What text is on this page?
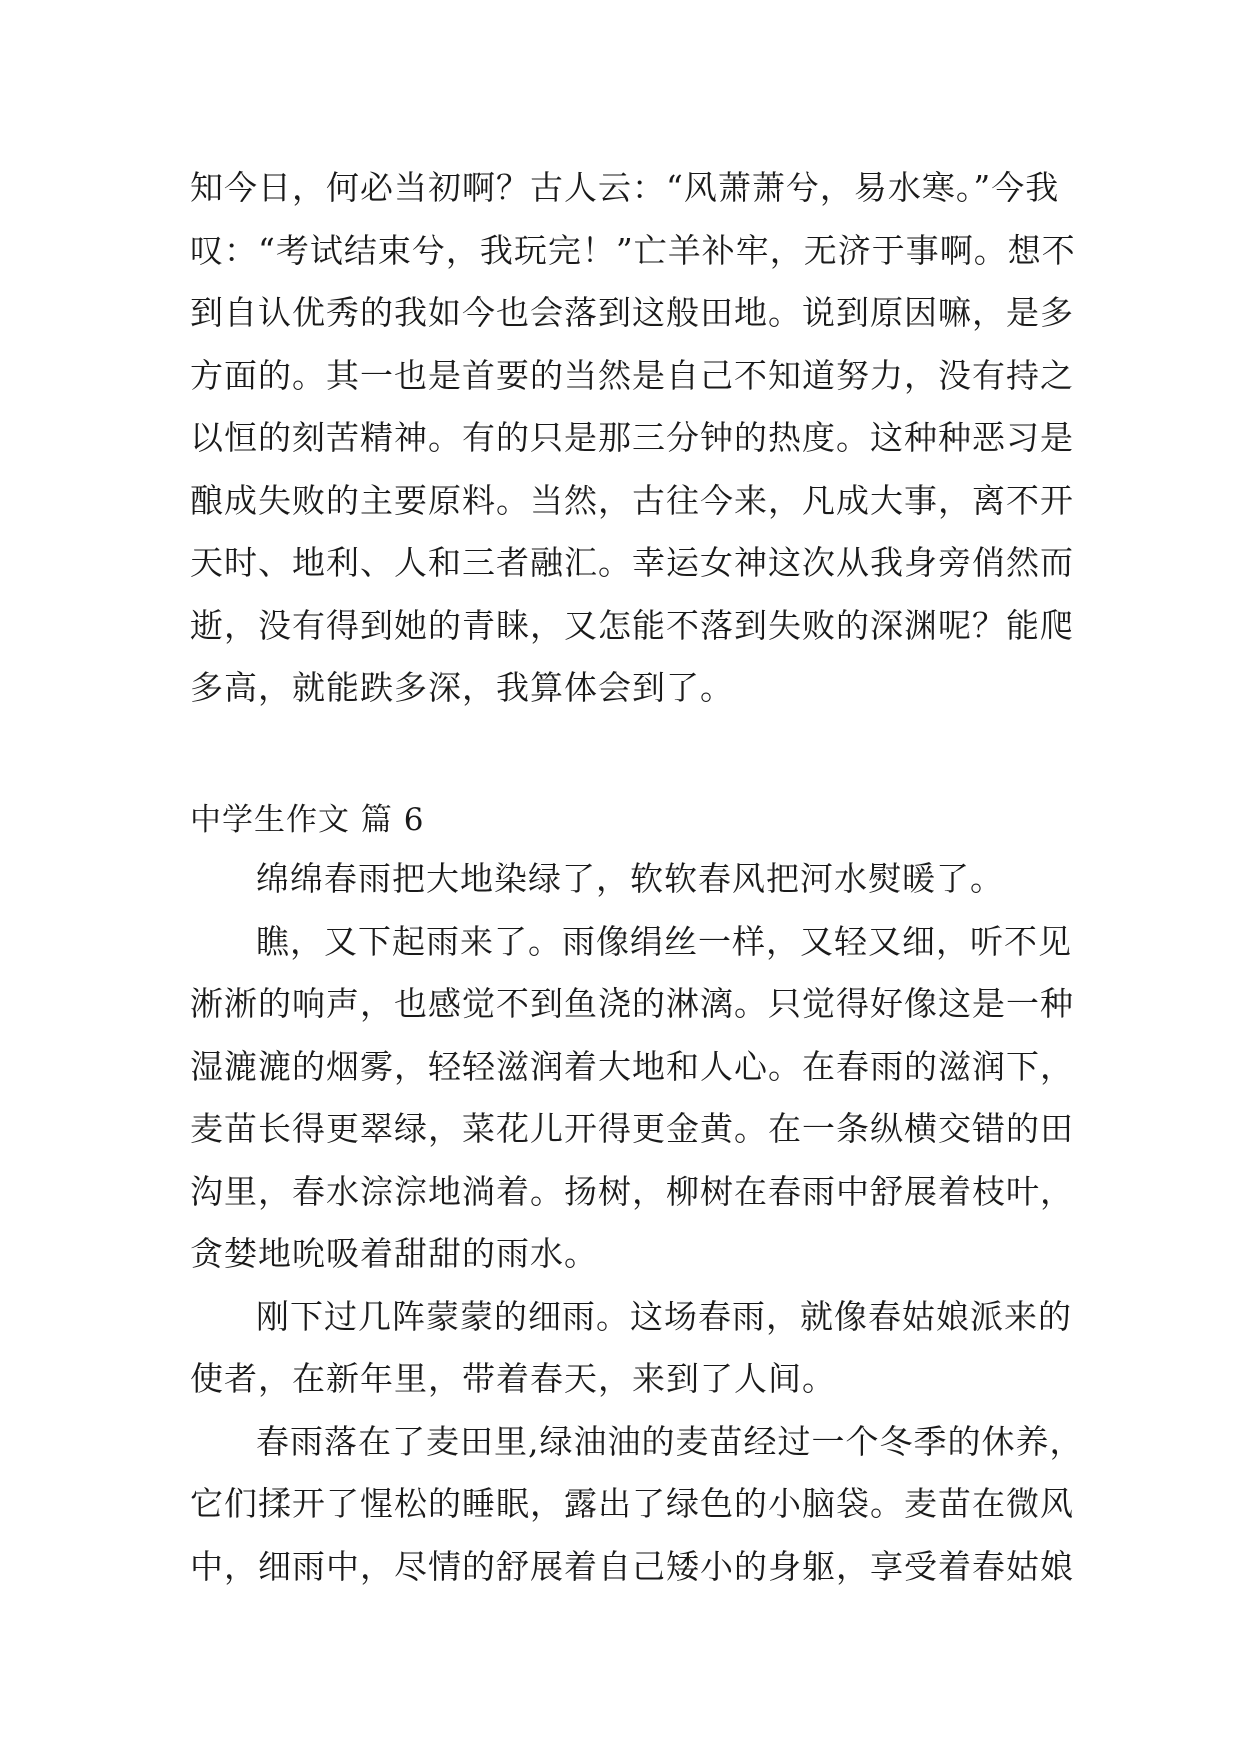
知今日，何必当初啊？古人云：“风萧萧兮，易水寒。”今我
叹：“考试结束兮，我玩完！”亡羊补牢，无济于事啊。想不
到自认优秀的我如今也会落到这般田地。说到原因嘛，是多
方面的。其一也是首要的当然是自己不知道努力，没有持之
以恒的刻苦精神。有的只是那三分钟的热度。这种种恶习是
酿成失败的主要原料。当然，古往今来，凡成大事，离不开
天时、地利、人和三者融汇。幸运女神这次从我身旁俏然而
逝，没有得到她的青睐，又怎能不落到失败的深渊呢？能爬
多高，就能跌多深，我算体会到了。
中学生作文 篇 6
绵绵春雨把大地染绿了，软软春风把河水熨暖了。
瞧，又下起雨来了。雨像绢丝一样，又轻又细，听不见
淅淅的响声，也感觉不到鱼浇的淋漓。只觉得好像这是一种
湿漉漉的烟雾，轻轻滋润着大地和人心。在春雨的滋润下，
麦苗长得更翠绿，菜花儿开得更金黄。在一条纵横交错的田
沟里，春水淙淙地淌着。扬树，柳树在春雨中舒展着枝叶，
贪婪地吮吸着甜甜的雨水。
刚下过几阵蒙蒙的细雨。这场春雨，就像春姑娘派来的
使者，在新年里，带着春天，来到了人间。
春雨落在了麦田里,绿油油的麦苗经过一个冬季的休养，
它们揉开了惺松的睡眠，露出了绿色的小脑袋。麦苗在微风
中，细雨中，尽情的舒展着自己矮小的身躯，享受着春姑娘
